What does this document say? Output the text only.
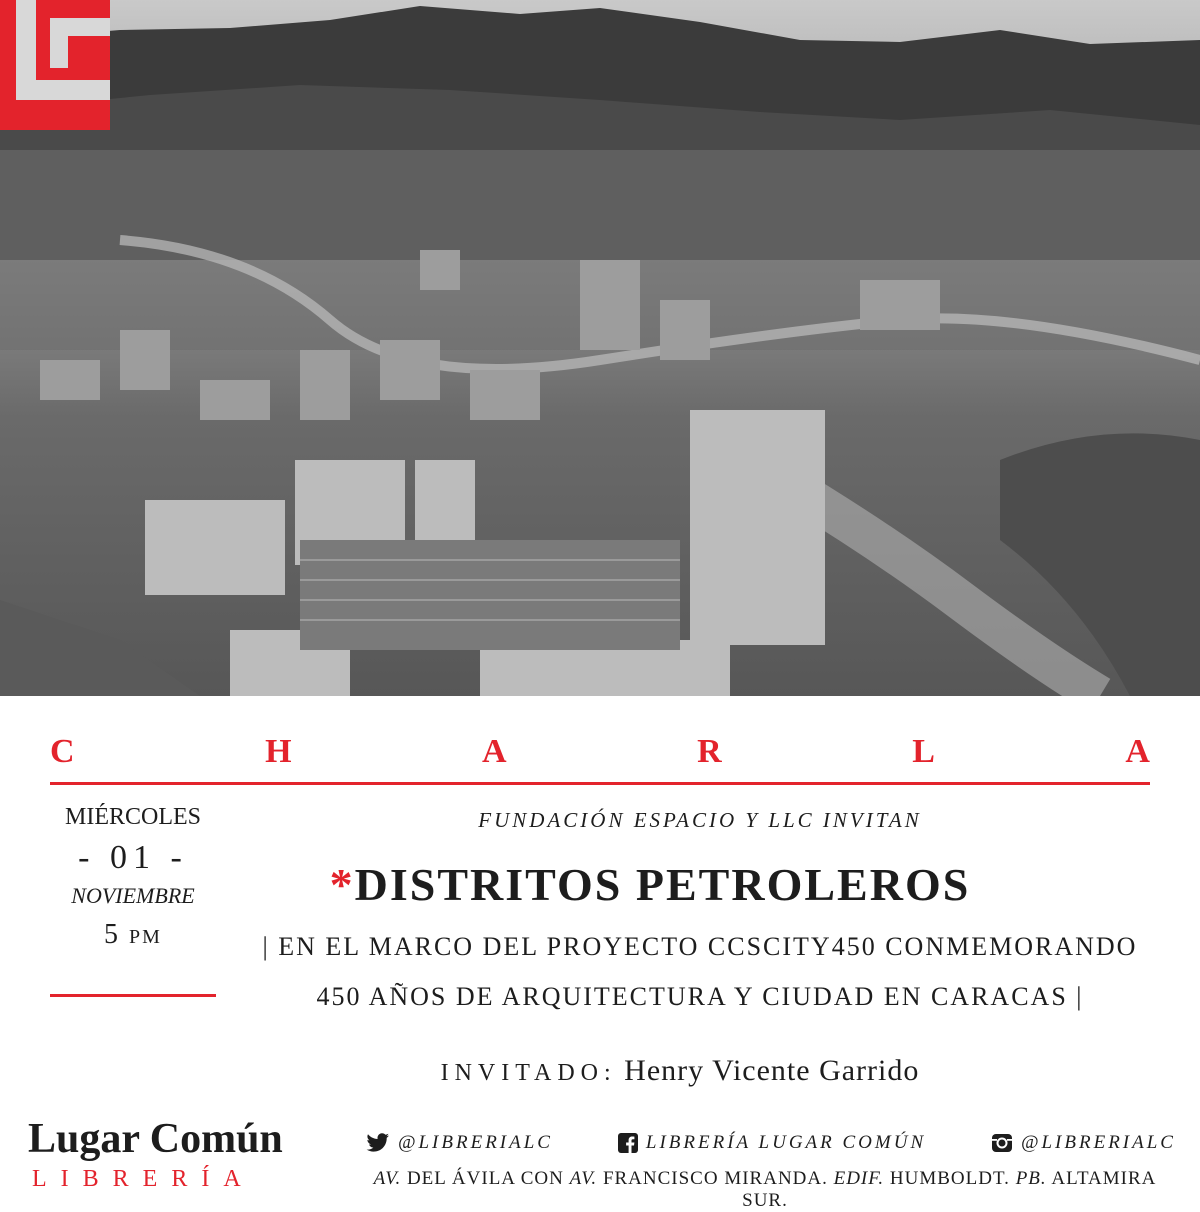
C	H	A	R	L	A
MIÉRCOLES
- 01 -
NOVIEMBRE
5 PM
FUNDACIÓN ESPACIO Y LLC INVITAN
*DISTRITOS PETROLEROS
| EN EL MARCO DEL PROYECTO CCSCITY450 CONMEMORANDO
450 AÑOS DE ARQUITECTURA Y CIUDAD EN CARACAS |
INVITADO: Henry Vicente Garrido
Lugar Común
LIBRERÍA
@LIBRERIALC	LIBRERÍA LUGAR COMÚN	@LIBRERIALC
AV. DEL ÁVILA CON AV. FRANCISCO MIRANDA. EDIF. HUMBOLDT. PB. ALTAMIRA SUR.
